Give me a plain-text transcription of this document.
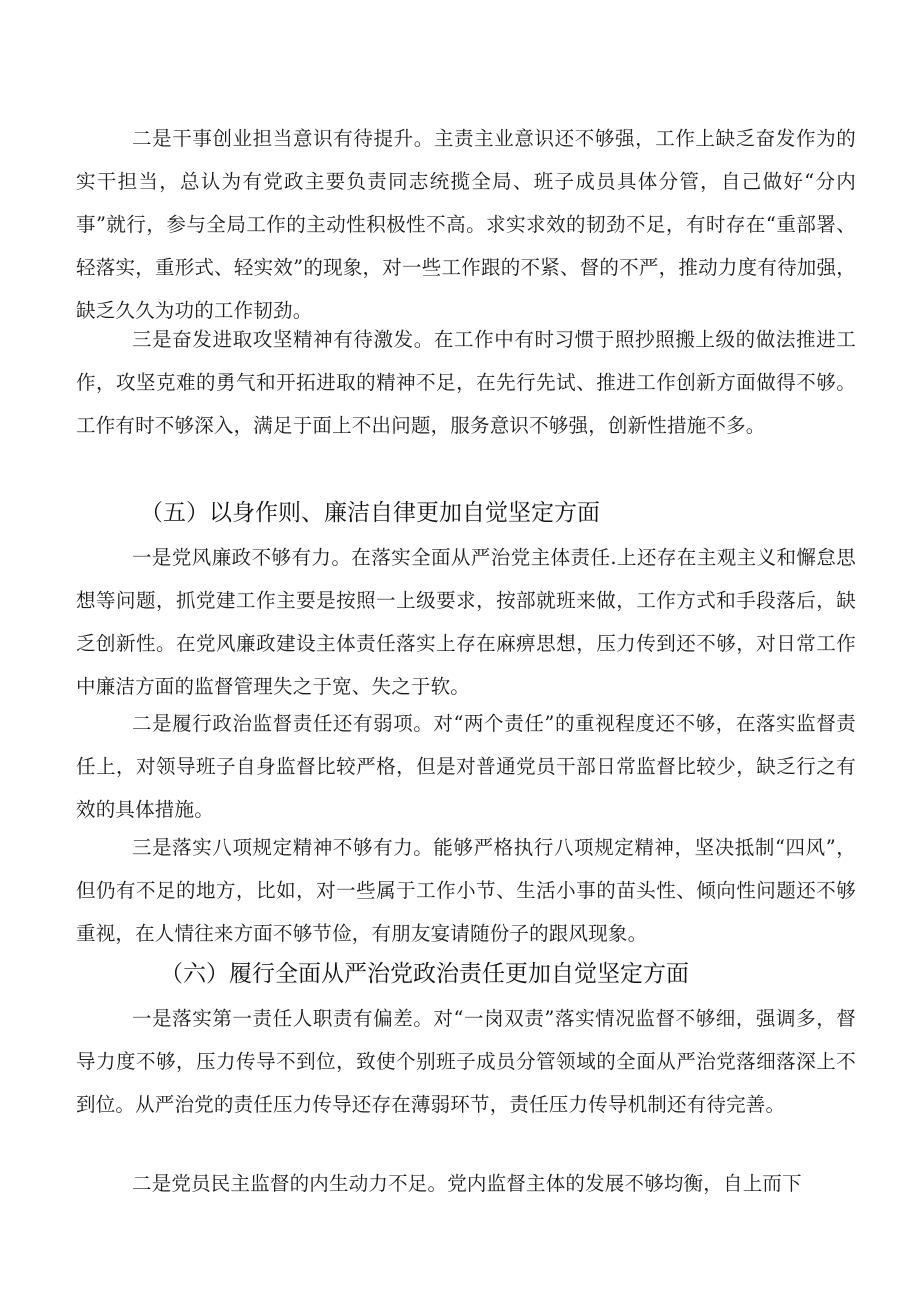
二是干事创业担当意识有待提升。主责主业意识还不够强，工作上缺乏奋发作为的实干担当，总认为有党政主要负责同志统揽全局、班子成员具体分管，自己做好“分内事”就行，参与全局工作的主动性积极性不高。求实求效的韧劲不足，有时存在“重部署、轻落实，重形式、轻实效”的现象，对一些工作跟的不紧、督的不严，推动力度有待加强，缺乏久久为功的工作韧劲。

三是奋发进取攻坚精神有待激发。在工作中有时习惯于照抄照搬上级的做法推进工作，攻坚克难的勇气和开拓进取的精神不足，在先行先试、推进工作创新方面做得不够。工作有时不够深入，满足于面上不出问题，服务意识不够强，创新性措施不多。

（五）以身作则、廉洁自律更加自觉坚定方面

一是党风廉政不够有力。在落实全面从严治党主体责任.上还存在主观主义和懈怠思想等问题，抓党建工作主要是按照一上级要求，按部就班来做，工作方式和手段落后，缺乏创新性。在党风廉政建设主体责任落实上存在麻痹思想，压力传到还不够，对日常工作中廉洁方面的监督管理失之于宽、失之于软。

二是履行政治监督责任还有弱项。对“两个责任”的重视程度还不够，在落实监督责任上，对领导班子自身监督比较严格，但是对普通党员干部日常监督比较少，缺乏行之有效的具体措施。

三是落实八项规定精神不够有力。能够严格执行八项规定精神，坚决抵制“四风”，但仍有不足的地方，比如，对一些属于工作小节、生活小事的苗头性、倾向性问题还不够重视，在人情往来方面不够节俭，有朋友宴请随份子的跟风现象。

（六）履行全面从严治党政治责任更加自觉坚定方面

一是落实第一责任人职责有偏差。对“一岗双责”落实情况监督不够细，强调多，督导力度不够，压力传导不到位，致使个别班子成员分管领域的全面从严治党落细落深上不到位。从严治党的责任压力传导还存在薄弱环节，责任压力传导机制还有待完善。

二是党员民主监督的内生动力不足。党内监督主体的发展不够均衡，自上而下
